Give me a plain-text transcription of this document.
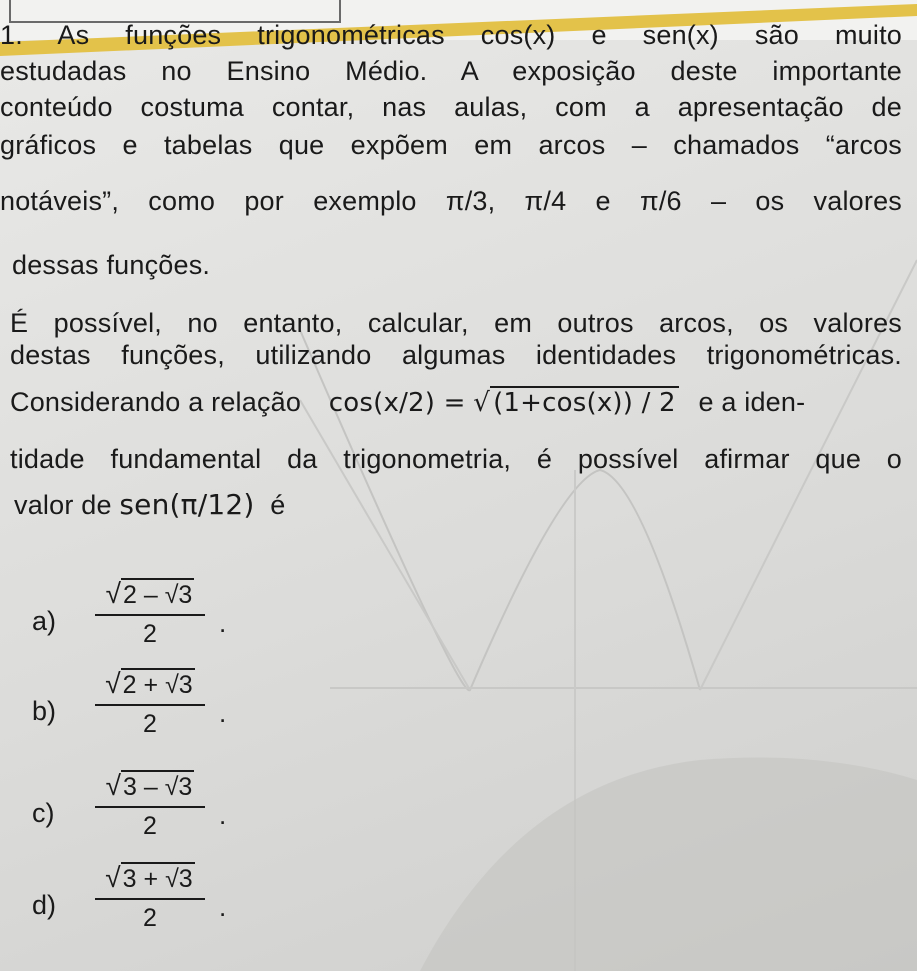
1. As funções trigonométricas cos(x) e sen(x) são muito

estudadas no Ensino Médio. A exposição deste importante

conteúdo costuma contar, nas aulas, com a apresentação de

gráficos e tabelas que expõem em arcos – chamados “arcos

notáveis”, como por exemplo π/3, π/4 e π/6 – os valores

dessas funções.

É possível, no entanto, calcular, em outros arcos, os valores

destas funções, utilizando algumas identidades trigonométricas.

Considerando a relação cos(x/2) = √ (1+cos(x)) / 2 e a iden-

tidade fundamental da trigonometria, é possível afirmar que o

valor de sen(π/12) é
a)
√2 – √3
2	.
b)
√2 + √3
2	.
c)
√3 – √3
2	.
d)
√3 + √3
2	.
